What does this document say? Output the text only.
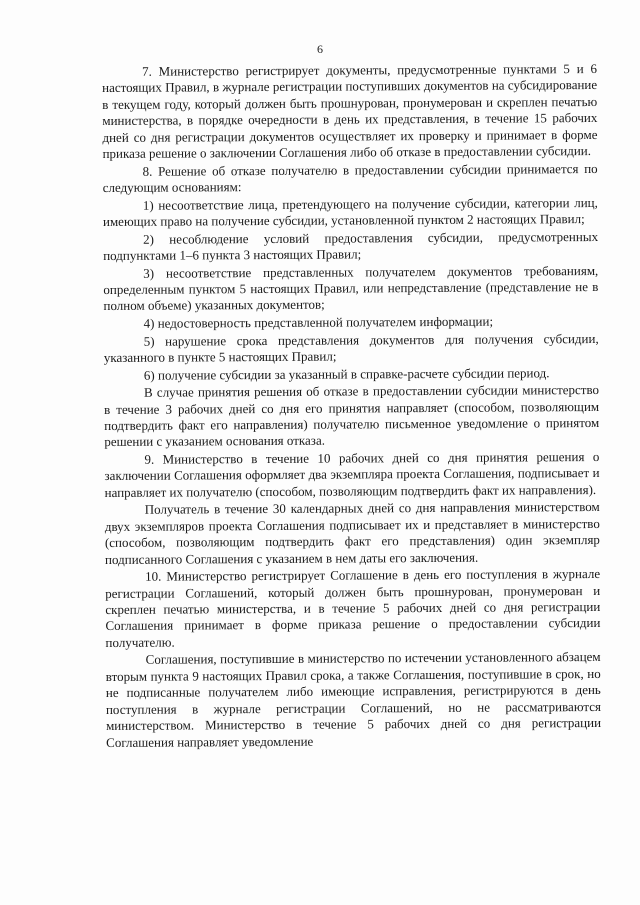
6

7. Министерство регистрирует документы, предусмотренные пунктами 5 и 6 настоящих Правил, в журнале регистрации поступивших документов на субсидирование в текущем году, который должен быть прошнурован, пронумерован и скреплен печатью министерства, в порядке очередности в день их представления, в течение 15 рабочих дней со дня регистрации документов осуществляет их проверку и принимает в форме приказа решение о заключении Соглашения либо об отказе в предоставлении субсидии.

8. Решение об отказе получателю в предоставлении субсидии принимается по следующим основаниям:

1) несоответствие лица, претендующего на получение субсидии, категории лиц, имеющих право на получение субсидии, установленной пунктом 2 настоящих Правил;

2) несоблюдение условий предоставления субсидии, предусмотренных подпунктами 1–6 пункта 3 настоящих Правил;

3) несоответствие представленных получателем документов требованиям, определенным пунктом 5 настоящих Правил, или непредставление (представление не в полном объеме) указанных документов;

4) недостоверность представленной получателем информации;

5) нарушение срока представления документов для получения субсидии, указанного в пункте 5 настоящих Правил;

6) получение субсидии за указанный в справке-расчете субсидии период.

В случае принятия решения об отказе в предоставлении субсидии министерство в течение 3 рабочих дней со дня его принятия направляет (способом, позволяющим подтвердить факт его направления) получателю письменное уведомление о принятом решении с указанием основания отказа.

9. Министерство в течение 10 рабочих дней со дня принятия решения о заключении Соглашения оформляет два экземпляра проекта Соглашения, подписывает и направляет их получателю (способом, позволяющим подтвердить факт их направления).

Получатель в течение 30 календарных дней со дня направления министерством двух экземпляров проекта Соглашения подписывает их и представляет в министерство (способом, позволяющим подтвердить факт его представления) один экземпляр подписанного Соглашения с указанием в нем даты его заключения.

10. Министерство регистрирует Соглашение в день его поступления в журнале регистрации Соглашений, который должен быть прошнурован, пронумерован и скреплен печатью министерства, и в течение 5 рабочих дней со дня регистрации Соглашения принимает в форме приказа решение о предоставлении субсидии получателю.

Соглашения, поступившие в министерство по истечении установленного абзацем вторым пункта 9 настоящих Правил срока, а также Соглашения, поступившие в срок, но не подписанные получателем либо имеющие исправления, регистрируются в день поступления в журнале регистрации Соглашений, но не рассматриваются министерством. Министерство в течение 5 рабочих дней со дня регистрации Соглашения направляет уведомление
